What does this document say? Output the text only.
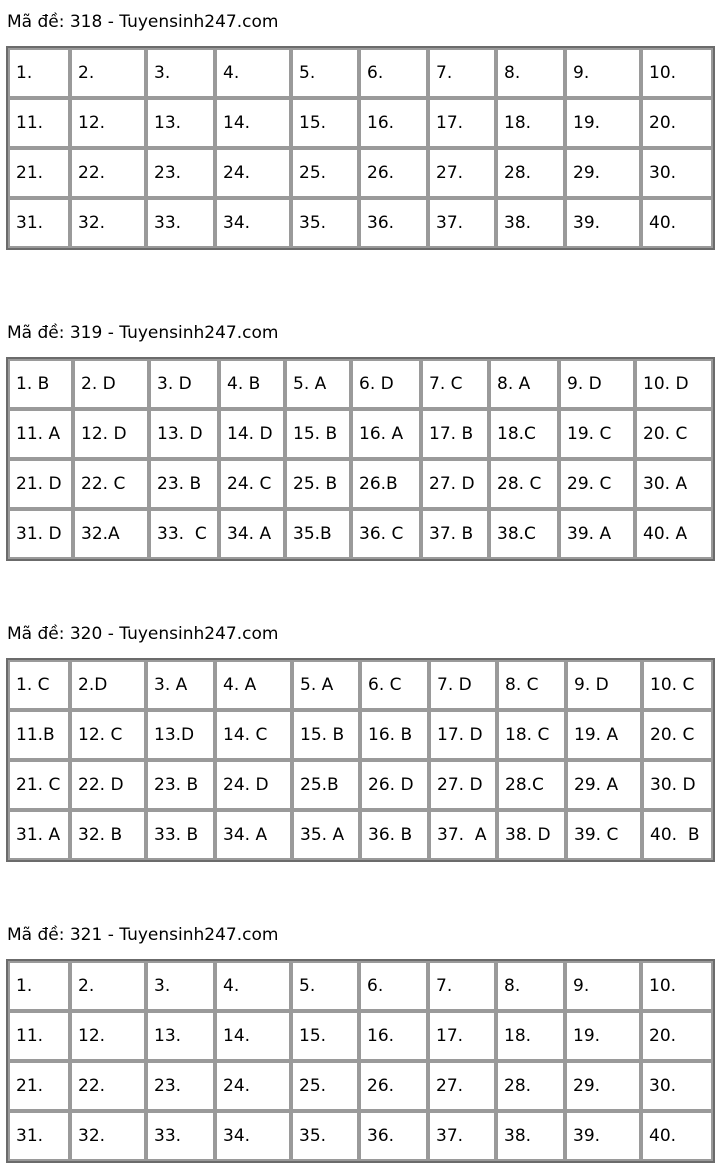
Mã đề: 318 - Tuyensinh247.com
1.	2.	3.	4.	5.	6.	7.	8.	9.	10.
11.	12.	13.	14.	15.	16.	17.	18.	19.	20.
21.	22.	23.	24.	25.	26.	27.	28.	29.	30.
31.	32.	33.	34.	35.	36.	37.	38.	39.	40.
Mã đề: 319 - Tuyensinh247.com
1. B	2. D	3. D	4. B	5. A	6. D	7. C	8. A	9. D	10. D
11. A	12. D	13. D	14. D	15. B	16. A	17. B	18.C	19. C	20. C
21. D	22. C	23. B	24. C	25. B	26.B	27. D	28. C	29. C	30. A
31. D	32.A	33.  C	34. A	35.B	36. C	37. B	38.C	39. A	40. A
Mã đề: 320 - Tuyensinh247.com
1. C	2.D	3. A	4. A	5. A	6. C	7. D	8. C	9. D	10. C
11.B	12. C	13.D	14. C	15. B	16. B	17. D	18. C	19. A	20. C
21. C	22. D	23. B	24. D	25.B	26. D	27. D	28.C	29. A	30. D
31. A	32. B	33. B	34. A	35. A	36. B	37.  A	38. D	39. C	40.  B
Mã đề: 321 - Tuyensinh247.com
1.	2.	3.	4.	5.	6.	7.	8.	9.	10.
11.	12.	13.	14.	15.	16.	17.	18.	19.	20.
21.	22.	23.	24.	25.	26.	27.	28.	29.	30.
31.	32.	33.	34.	35.	36.	37.	38.	39.	40.
